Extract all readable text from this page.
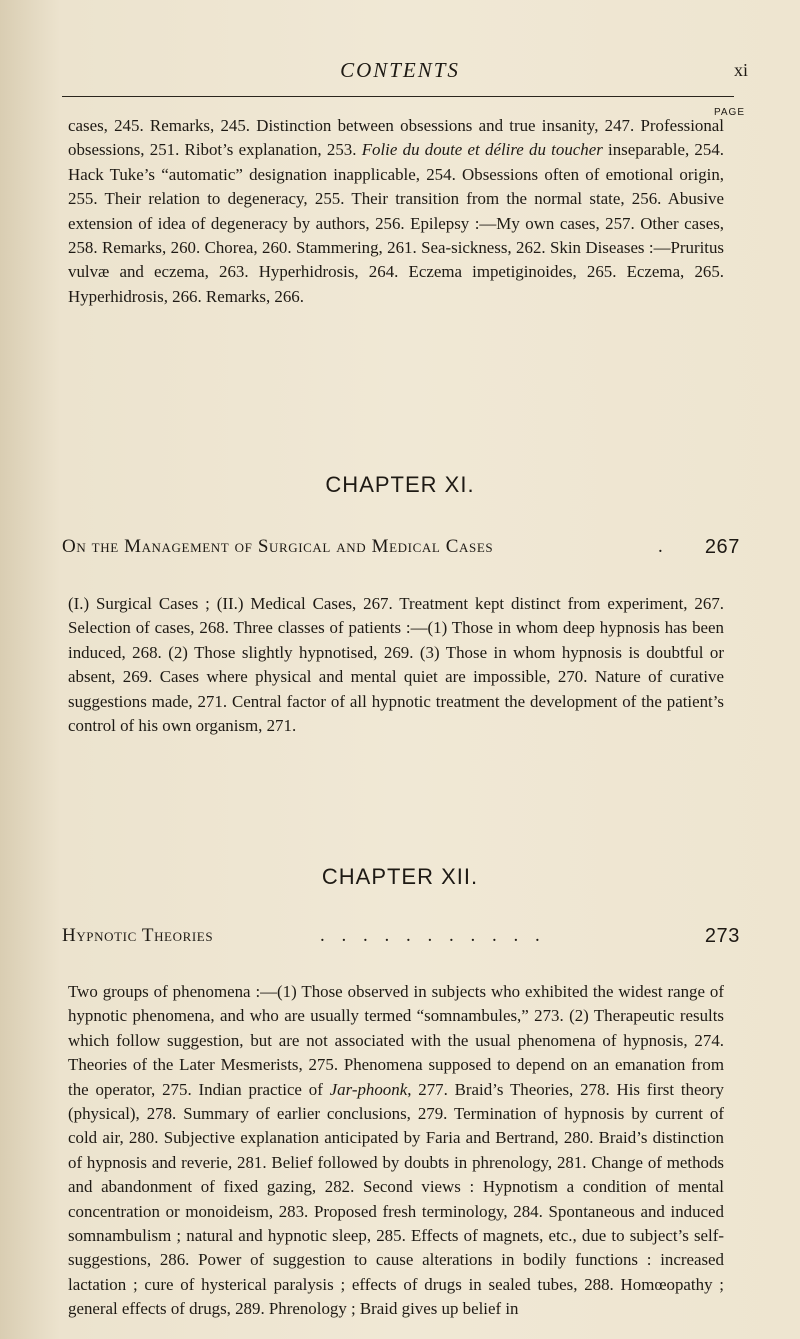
CONTENTS	xi
PAGE
cases, 245. Remarks, 245. Distinction between obsessions and true insanity, 247. Professional obsessions, 251. Ribot’s explanation, 253. Folie du doute et délire du toucher inseparable, 254. Hack Tuke’s “automatic” designation inapplicable, 254. Obsessions often of emotional origin, 255. Their relation to degeneracy, 255. Their transition from the normal state, 256. Abusive extension of idea of degeneracy by authors, 256. Epilepsy :—My own cases, 257. Other cases, 258. Remarks, 260. Chorea, 260. Stammering, 261. Sea-sickness, 262. Skin Diseases :—Pruritus vulvæ and eczema, 263. Hyperhidrosis, 264. Eczema impetiginoides, 265. Eczema, 265. Hyperhidrosis, 266. Remarks, 266.
CHAPTER XI.
On the Management of Surgical and Medical Cases	. 267
(I.) Surgical Cases ; (II.) Medical Cases, 267. Treatment kept distinct from experiment, 267. Selection of cases, 268. Three classes of patients :—(1) Those in whom deep hypnosis has been induced, 268. (2) Those slightly hypnotised, 269. (3) Those in whom hypnosis is doubtful or absent, 269. Cases where physical and mental quiet are impossible, 270. Nature of curative suggestions made, 271. Central factor of all hypnotic treatment the development of the patient’s control of his own organism, 271.
CHAPTER XII.
Hypnotic Theories	. . . . . . . . . . .	273
Two groups of phenomena :—(1) Those observed in subjects who exhibited the widest range of hypnotic phenomena, and who are usually termed “somnambules,” 273. (2) Therapeutic results which follow suggestion, but are not associated with the usual phenomena of hypnosis, 274. Theories of the Later Mesmerists, 275. Phenomena supposed to depend on an emanation from the operator, 275. Indian practice of Jar-phoonk, 277. Braid’s Theories, 278. His first theory (physical), 278. Summary of earlier conclusions, 279. Termination of hypnosis by current of cold air, 280. Subjective explanation anticipated by Faria and Bertrand, 280. Braid’s distinction of hypnosis and reverie, 281. Belief followed by doubts in phrenology, 281. Change of methods and abandonment of fixed gazing, 282. Second views : Hypnotism a condition of mental concentration or monoideism, 283. Proposed fresh terminology, 284. Spontaneous and induced somnambulism ; natural and hypnotic sleep, 285. Effects of magnets, etc., due to subject’s self-suggestions, 286. Power of suggestion to cause alterations in bodily functions : increased lactation ; cure of hysterical paralysis ; effects of drugs in sealed tubes, 288. Homœopathy ; general effects of drugs, 289. Phrenology ; Braid gives up belief in
